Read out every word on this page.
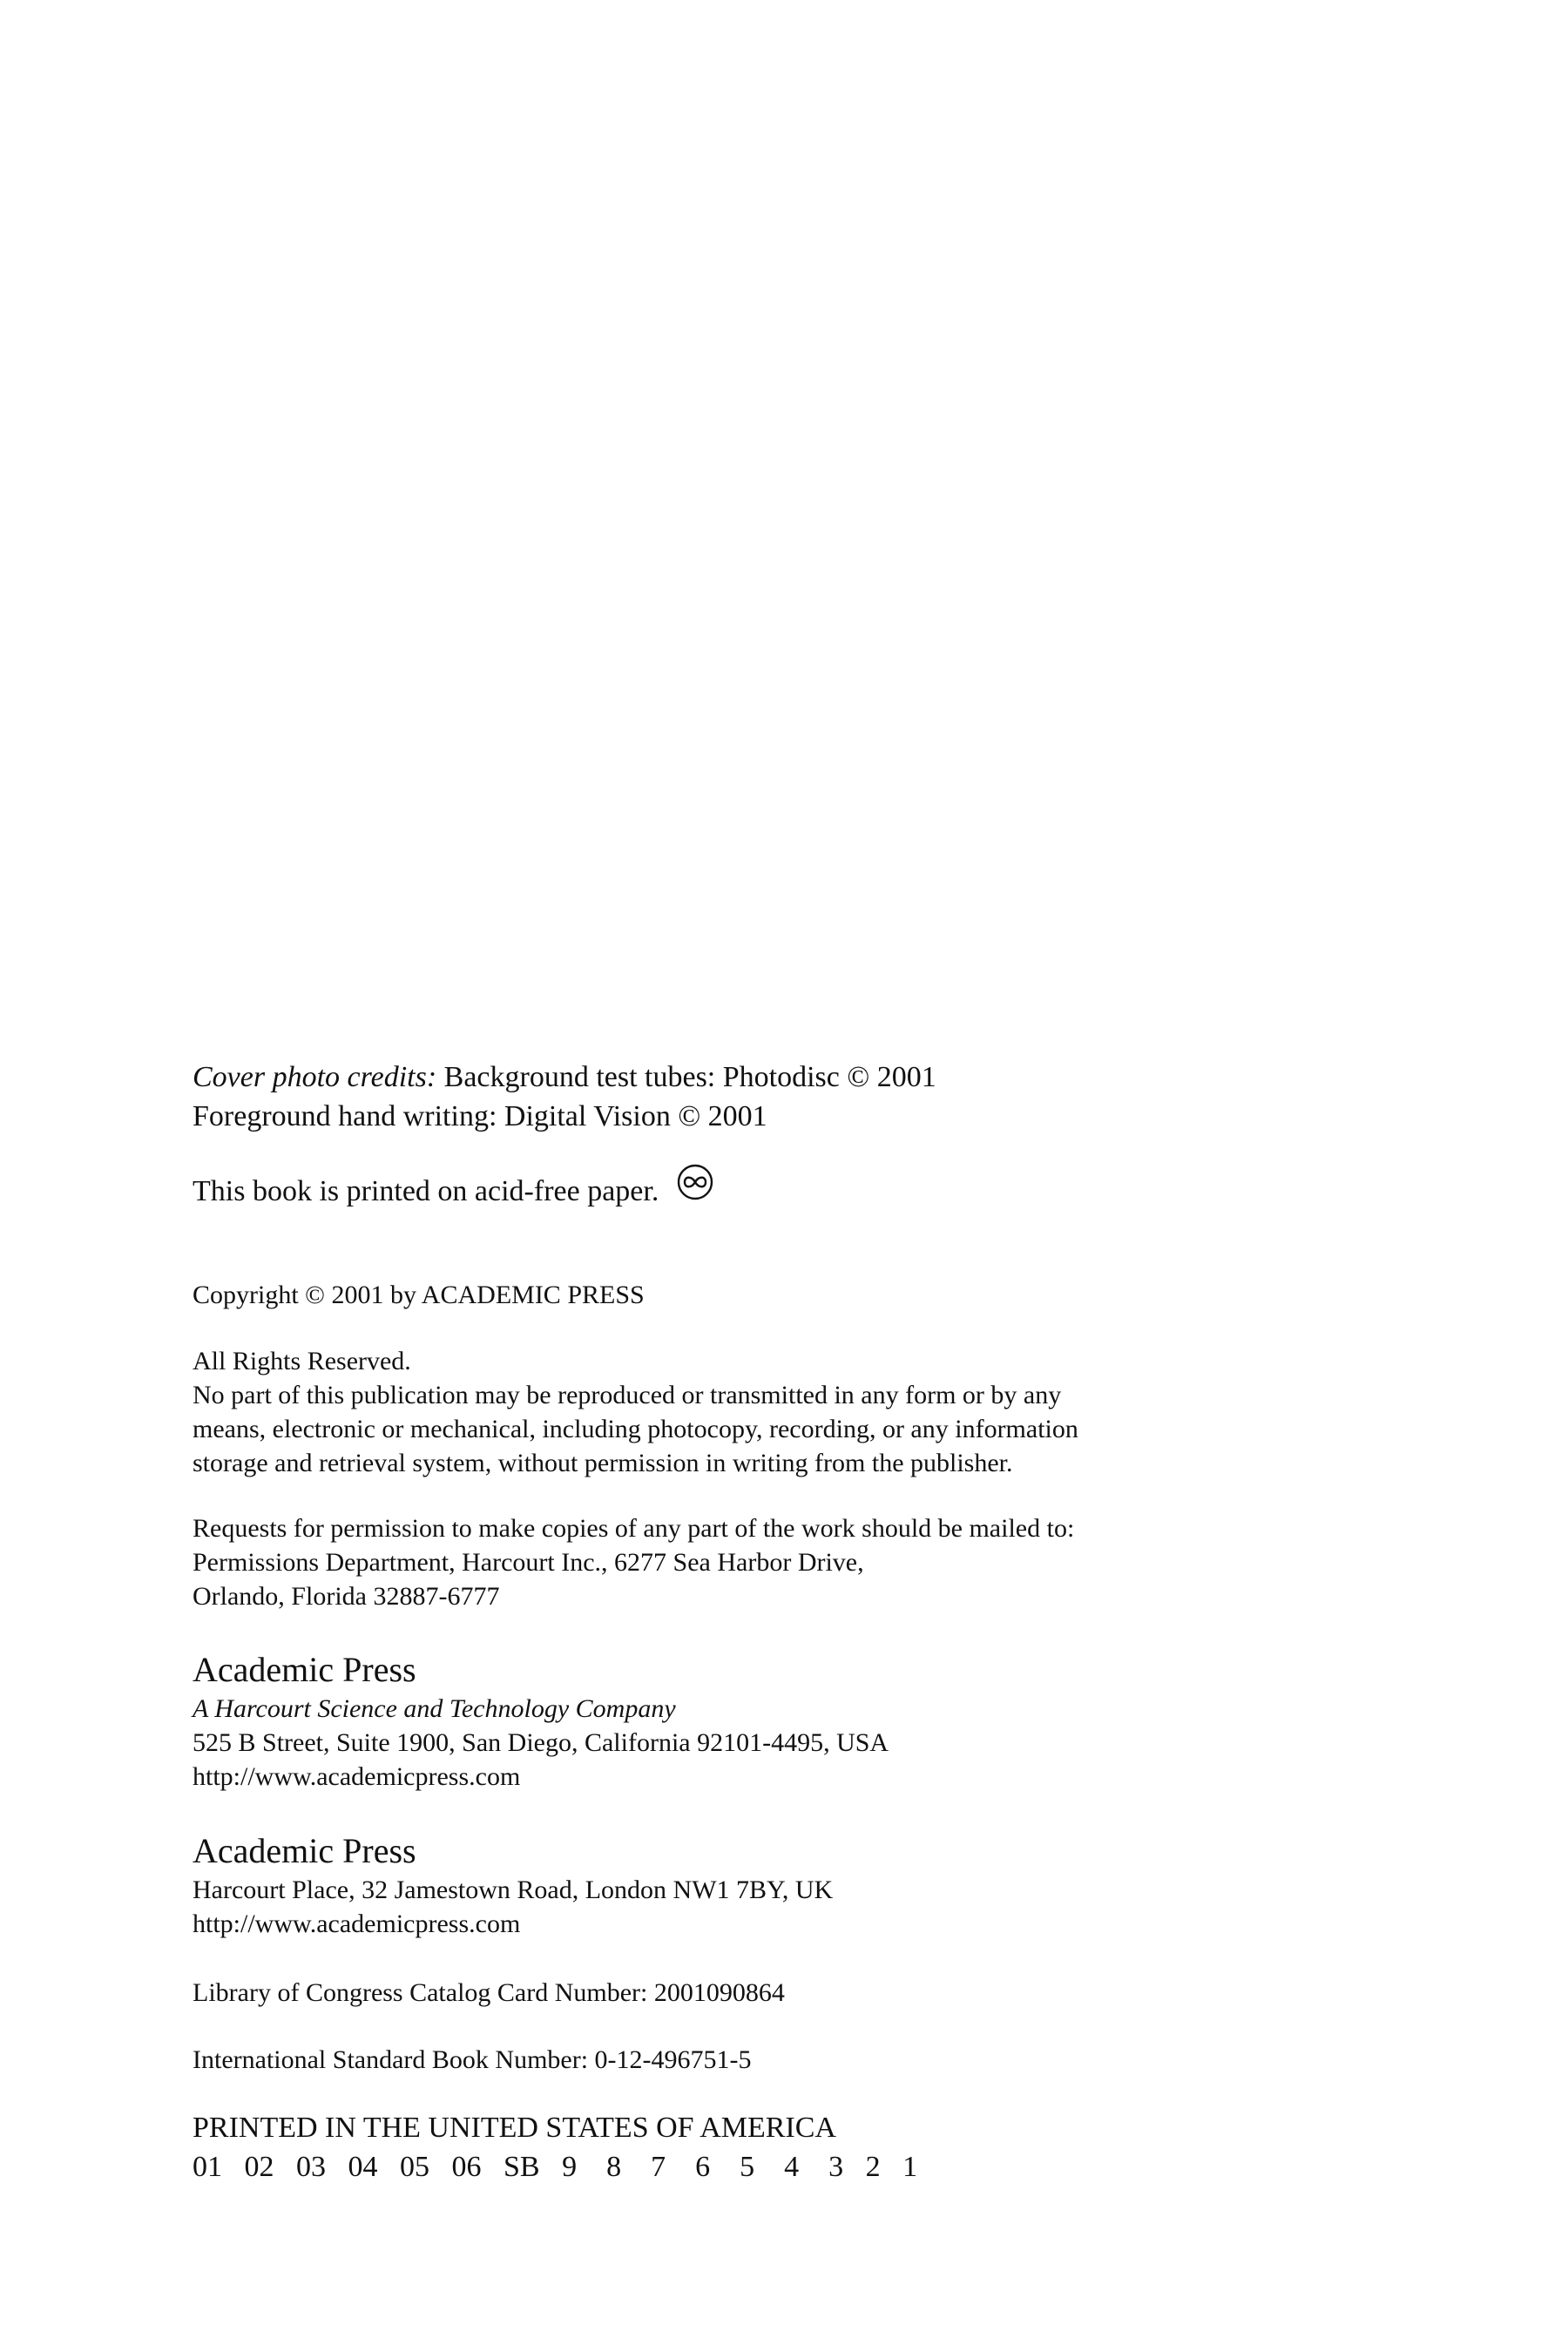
Cover photo credits: Background test tubes: Photodisc © 2001
Foreground hand writing: Digital Vision © 2001
This book is printed on acid-free paper.
Copyright © 2001 by ACADEMIC PRESS
All Rights Reserved.
No part of this publication may be reproduced or transmitted in any form or by any
means, electronic or mechanical, including photocopy, recording, or any information
storage and retrieval system, without permission in writing from the publisher.
Requests for permission to make copies of any part of the work should be mailed to:
Permissions Department, Harcourt Inc., 6277 Sea Harbor Drive,
Orlando, Florida 32887-6777
Academic Press
A Harcourt Science and Technology Company
525 B Street, Suite 1900, San Diego, California 92101-4495, USA
http://www.academicpress.com
Academic Press
Harcourt Place, 32 Jamestown Road, London NW1 7BY, UK
http://www.academicpress.com
Library of Congress Catalog Card Number: 2001090864
International Standard Book Number: 0-12-496751-5
PRINTED IN THE UNITED STATES OF AMERICA
01   02   03   04   05   06   SB   9    8    7    6    5    4    3   2   1
